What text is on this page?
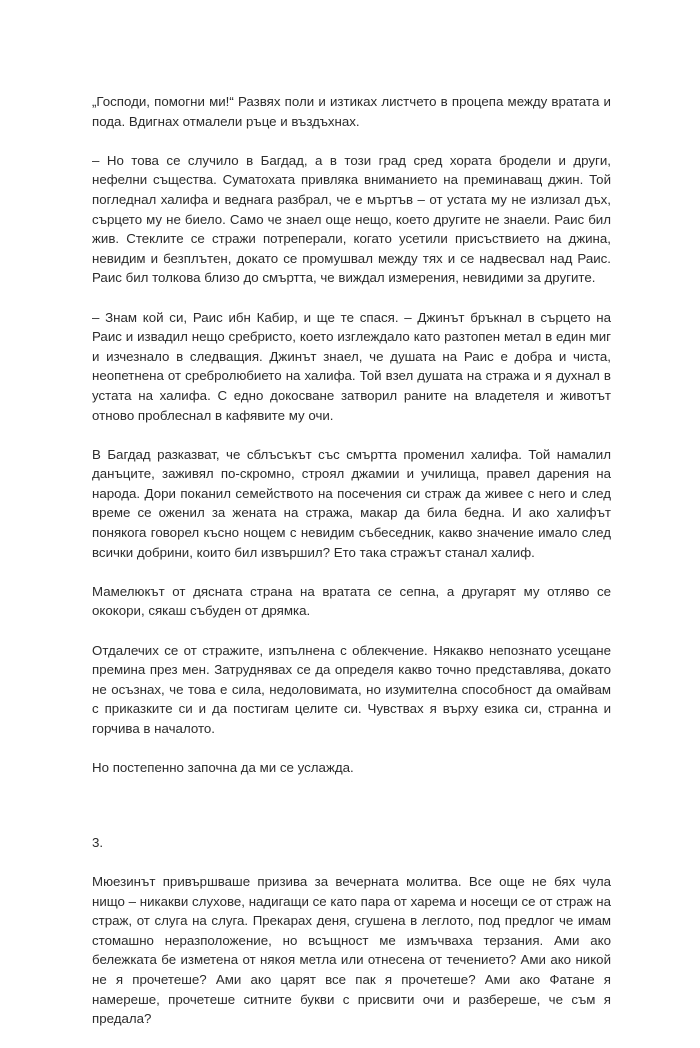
„Господи, помогни ми!“ Развях поли и изтиках листчето в процепа между вратата и пода. Вдигнах отмалели ръце и въздъхнах.

– Но това се случило в Багдад, а в този град сред хората бродели и други, нефелни същества. Суматохата привляка вниманието на преминаващ джин. Той погледнал халифа и веднага разбрал, че е мъртъв – от устата му не излизал дъх, сърцето му не биело. Само че знаел още нещо, което другите не знаели. Раис бил жив. Стеклите се стражи потреперали, когато усетили присъствието на джина, невидим и безплътен, докато се промушвал между тях и се надвесвал над Раис. Раис бил толкова близо до смъртта, че виждал измерения, невидими за другите.

– Знам кой си, Раис ибн Кабир, и ще те спася. – Джинът бръкнал в сърцето на Раис и извадил нещо сребристо, което изглеждало като разтопен метал в един миг и изчезнало в следващия. Джинът знаел, че душата на Раис е добра и чиста, неопетнена от сребролюбието на халифа. Той взел душата на стража и я духнал в устата на халифа. С едно докосване затворил раните на владетеля и животът отново проблеснал в кафявите му очи.

В Багдад разказват, че сблъсъкът със смъртта променил халифа. Той намалил данъците, заживял по-скромно, строял джамии и училища, правел дарения на народа. Дори поканил семейството на посечения си страж да живее с него и след време се оженил за жената на стража, макар да била бедна. И ако халифът понякога говорел късно нощем с невидим събеседник, какво значение имало след всички добрини, които бил извършил? Ето така стражът станал халиф.

Мамелюкът от дясната страна на вратата се сепна, а другарят му отляво се ококори, сякаш събуден от дрямка.

Отдалечих се от стражите, изпълнена с облекчение. Някакво непознато усещане премина през мен. Затруднявах се да определя какво точно представлява, докато не осъзнах, че това е сила, недоловимата, но изумителна способност да омайвам с приказките си и да постигам целите си. Чувствах я върху езика си, странна и горчива в началото.

Но постепенно започна да ми се услажда.

3.

Мюезинът привършваше призива за вечерната молитва. Все още не бях чула нищо – никакви слухове, надигащи се като пара от харема и носещи се от страж на страж, от слуга на слуга. Прекарах деня, сгушена в леглото, под предлог че имам стомашно неразположение, но всъщност ме измъчваха терзания. Ами ако бележката бе изметена от някоя метла или отнесена от течението? Ами ако никой не я прочетеше? Ами ако царят все пак я прочетеше? Ами ако Фатане я намереше, прочетеше ситните букви с присвити очи и разбереше, че съм я предала?
